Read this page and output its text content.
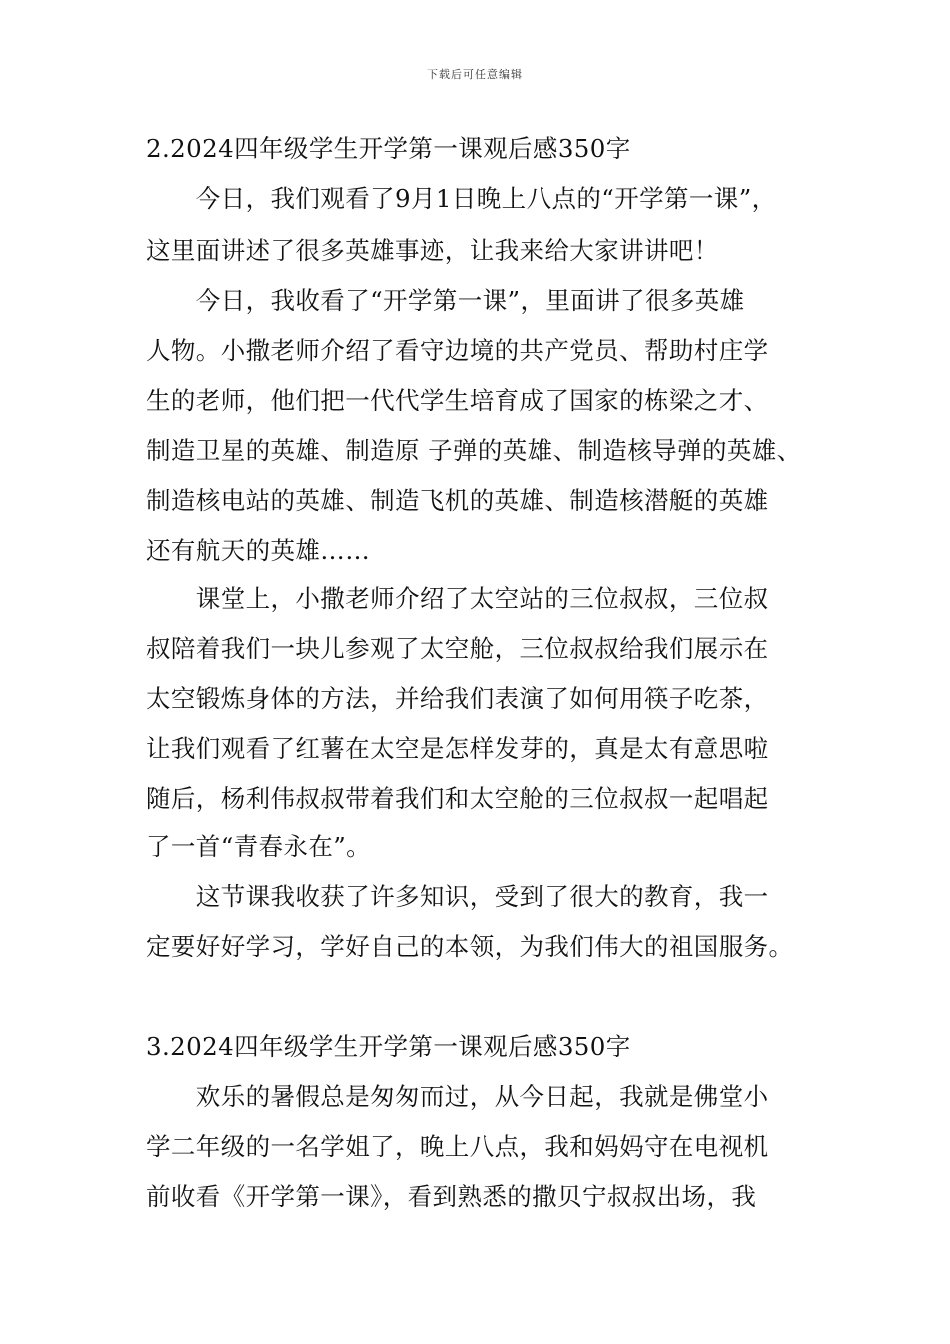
下载后可任意编辑
2.2024四年级学生开学第一课观后感350字
　　今日，我们观看了9月1日晚上八点的“开学第一课”，
这里面讲述了很多英雄事迹，让我来给大家讲讲吧！
　　今日，我收看了“开学第一课”，里面讲了很多英雄
人物。小撒老师介绍了看守边境的共产党员、帮助村庄学
生的老师，他们把一代代学生培育成了国家的栋梁之才、
制造卫星的英雄、制造原 子弹的英雄、制造核导弹的英雄、
制造核电站的英雄、制造飞机的英雄、制造核潜艇的英雄
还有航天的英雄……
　　课堂上，小撒老师介绍了太空站的三位叔叔，三位叔
叔陪着我们一块儿参观了太空舱，三位叔叔给我们展示在
太空锻炼身体的方法，并给我们表演了如何用筷子吃茶，
让我们观看了红薯在太空是怎样发芽的，真是太有意思啦
随后，杨利伟叔叔带着我们和太空舱的三位叔叔一起唱起
了一首“青春永在”。
　　这节课我收获了许多知识，受到了很大的教育，我一
定要好好学习，学好自己的本领，为我们伟大的祖国服务。
3.2024四年级学生开学第一课观后感350字
　　欢乐的暑假总是匆匆而过，从今日起，我就是佛堂小
学二年级的一名学姐了，晚上八点，我和妈妈守在电视机
前收看《开学第一课》，看到熟悉的撒贝宁叔叔出场，我
